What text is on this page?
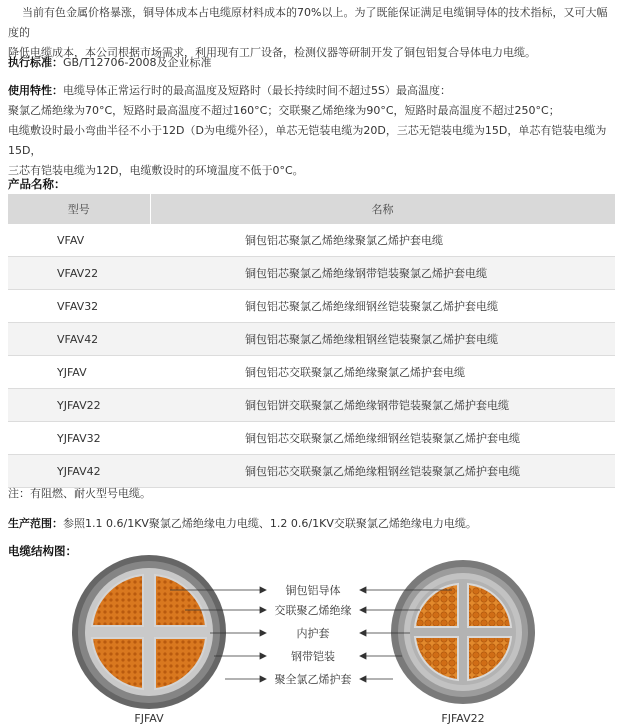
当前有色金属价格暴涨，铜导体成本占电缆原材料成本的70%以上。为了既能保证满足电缆铜导体的技术指标，又可大幅度的
降低电缆成本，本公司根据市场需求，利用现有工厂设备，检测仪器等研制开发了铜包铝复合导体电力电缆。

执行标准：GB/T12706-2008及企业标准

使用特性：电缆导体正常运行时的最高温度及短路时（最长持续时间不超过5S）最高温度：
聚氯乙烯绝缘为70°C，短路时最高温度不超过160°C；交联聚乙烯绝缘为90°C，短路时最高温度不超过250°C；
电缆敷设时最小弯曲半径不小于12D（D为电缆外径），单芯无铠装电缆为20D，三芯无铠装电缆为15D，单芯有铠装电缆为15D，
三芯有铠装电缆为12D，电缆敷设时的环境温度不低于0°C。

产品名称：
型号	名称
VFAV	铜包铝芯聚氯乙烯绝缘聚氯乙烯护套电缆
VFAV22	铜包铝芯聚氯乙烯绝缘钢带铠装聚氯乙烯护套电缆
VFAV32	铜包铝芯聚氯乙烯绝缘细钢丝铠装聚氯乙烯护套电缆
VFAV42	铜包铝芯聚氯乙烯绝缘粗钢丝铠装聚氯乙烯护套电缆
YJFAV	铜包铝芯交联聚氯乙烯绝缘聚氯乙烯护套电缆
YJFAV22	铜包铝饼交联聚氯乙烯绝缘钢带铠装聚氯乙烯护套电缆
YJFAV32	铜包铝芯交联聚氯乙烯绝缘细钢丝铠装聚氯乙烯护套电缆
YJFAV42	铜包铝芯交联聚氯乙烯绝缘粗钢丝铠装聚氯乙烯护套电缆
注：有阻燃、耐火型号电缆。
生产范围：参照1.1 0.6/1KV聚氯乙烯绝缘电力电缆、1.2 0.6/1KV交联聚氯乙烯绝缘电力电缆。
电缆结构图：
铜包铝导体
交联聚乙烯绝缘
内护套
钢带铠装
聚全氯乙烯护套
FJFAV	FJFAV22
